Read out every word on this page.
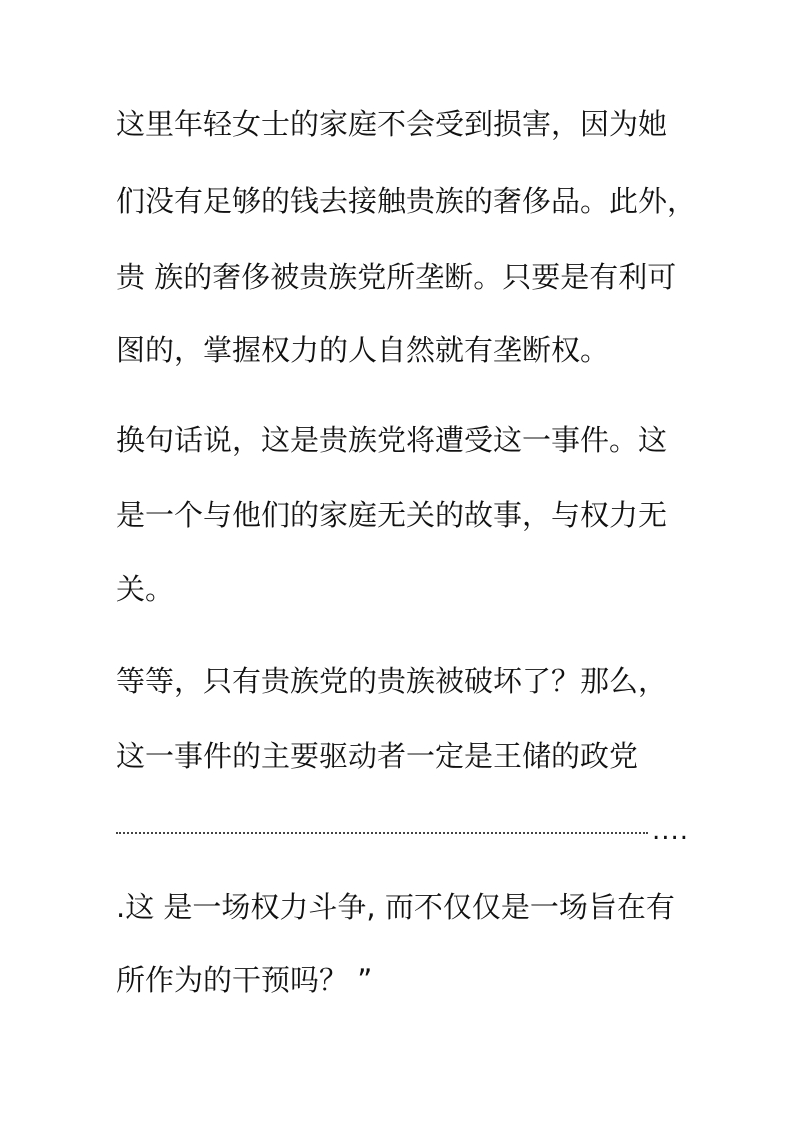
这里年轻女士的家庭不会受到损害，因为她
们没有足够的钱去接触贵族的奢侈品。此外，
贵 族的奢侈被贵族党所垄断。只要是有利可
图的，掌握权力的人自然就有垄断权。
换句话说，这是贵族党将遭受这一事件。这
是一个与他们的家庭无关的故事，与权力无
关。
等等，只有贵族党的贵族被破坏了？那么，
这一事件的主要驱动者一定是王储的政党
....
.这 是一场权力斗争, 而不仅仅是一场旨在有
所作为的干预吗？ ”
